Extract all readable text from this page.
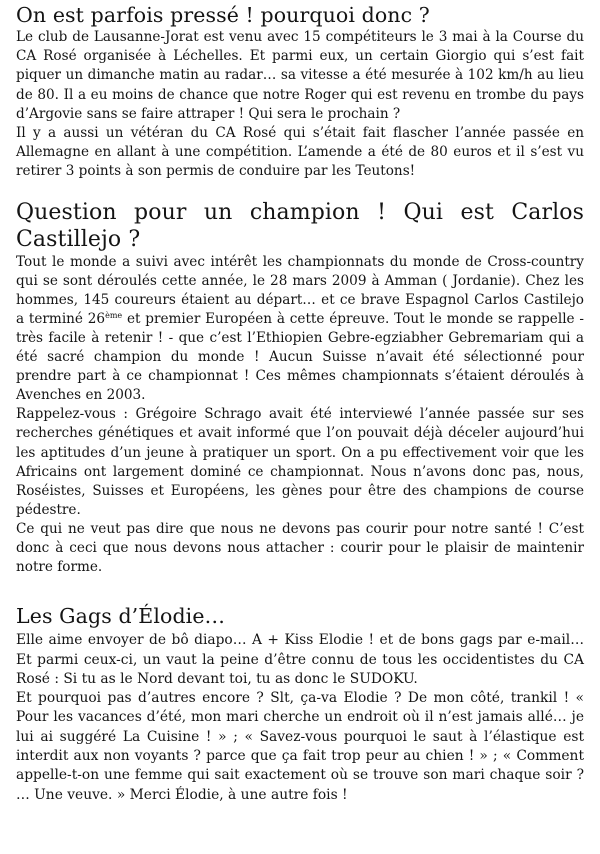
On est parfois pressé ! pourquoi donc ?

Le club de Lausanne-Jorat est venu avec 15 compétiteurs le 3 mai à la Course du CA Rosé organisée à Léchelles. Et parmi eux, un certain Giorgio qui s’est fait piquer un dimanche matin au radar… sa vitesse a été mesurée à 102 km/h au lieu de 80. Il a eu moins de chance que notre Roger qui est revenu en trombe du pays d’Argovie sans se faire attraper ! Qui sera le prochain ?

Il y a aussi un vétéran du CA Rosé qui s’était fait flascher l’année passée en Allemagne en allant à une compétition. L’amende a été de 80 euros et il s’est vu retirer 3 points à son permis de conduire par les Teutons!

Question pour un champion ! Qui est Carlos Castillejo ?

Tout le monde a suivi avec intérêt les championnats du monde de Cross-country qui se sont déroulés cette année, le 28 mars 2009 à Amman ( Jordanie). Chez les hommes, 145 coureurs étaient au départ… et ce brave Espagnol Carlos Castilejo a terminé 26ème et premier Européen à cette épreuve. Tout le monde se rappelle - très facile à retenir ! - que c’est l’Ethiopien Gebre-egziabher Gebremariam qui a été sacré champion du monde ! Aucun Suisse n’avait été sélectionné pour prendre part à ce championnat ! Ces mêmes championnats s’étaient déroulés à Avenches en 2003.

Rappelez-vous : Grégoire Schrago avait été interviewé l’année passée sur ses recherches génétiques et avait informé que l’on pouvait déjà déceler aujourd’hui les aptitudes d’un jeune à pratiquer un sport. On a pu effectivement voir que les Africains ont largement dominé ce championnat. Nous n’avons donc pas, nous, Roséistes, Suisses et Européens, les gènes pour être des champions de course pédestre.

Ce qui ne veut pas dire que nous ne devons pas courir pour notre santé ! C’est donc à ceci que nous devons nous attacher : courir pour le plaisir de maintenir notre forme.

Les Gags d’Élodie…

Elle aime envoyer de bô diapo… A + Kiss Elodie ! et de bons gags par e-mail… Et parmi ceux-ci, un vaut la peine d’être connu de tous les occidentistes du CA Rosé : Si tu as le Nord devant toi, tu as donc le SUDOKU.

Et pourquoi pas d’autres encore ? Slt, ça-va Elodie ? De mon côté, trankil ! « Pour les vacances d’été, mon mari cherche un endroit où il n’est jamais allé… je lui ai suggéré La Cuisine ! » ; « Savez-vous pourquoi le saut à l’élastique est interdit aux non voyants ? parce que ça fait trop peur au chien ! » ; « Comment appelle-t-on une femme qui sait exactement où se trouve son mari chaque soir ? … Une veuve. » Merci Élodie, à une autre fois !
